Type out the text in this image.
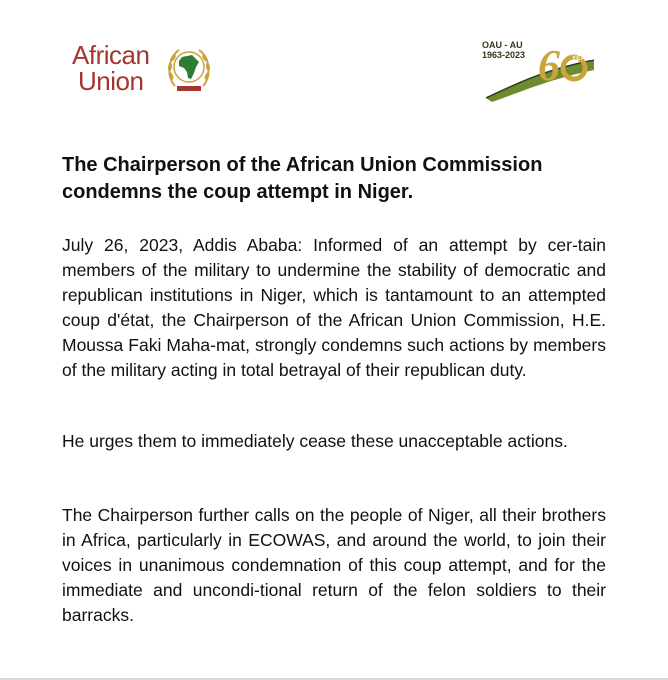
African

Union	6
OAU - AU
1963-2023	YEARS
The Chairperson of the African Union Commission
condemns the coup attempt in Niger.

July 26, 2023, Addis Ababa: Informed of an attempt by cer-tain members of the military to undermine the stability of democratic and republican institutions in Niger, which is tantamount to an attempted coup d'état, the Chairperson of the African Union Commission, H.E. Moussa Faki Maha-mat, strongly condemns such actions by members of the military acting in total betrayal of their republican duty.

He urges them to immediately cease these unacceptable actions.

The Chairperson further calls on the people of Niger, all their brothers in Africa, particularly in ECOWAS, and around the world, to join their voices in unanimous condemnation of this coup attempt, and for the immediate and uncondi-tional return of the felon soldiers to their barracks.
